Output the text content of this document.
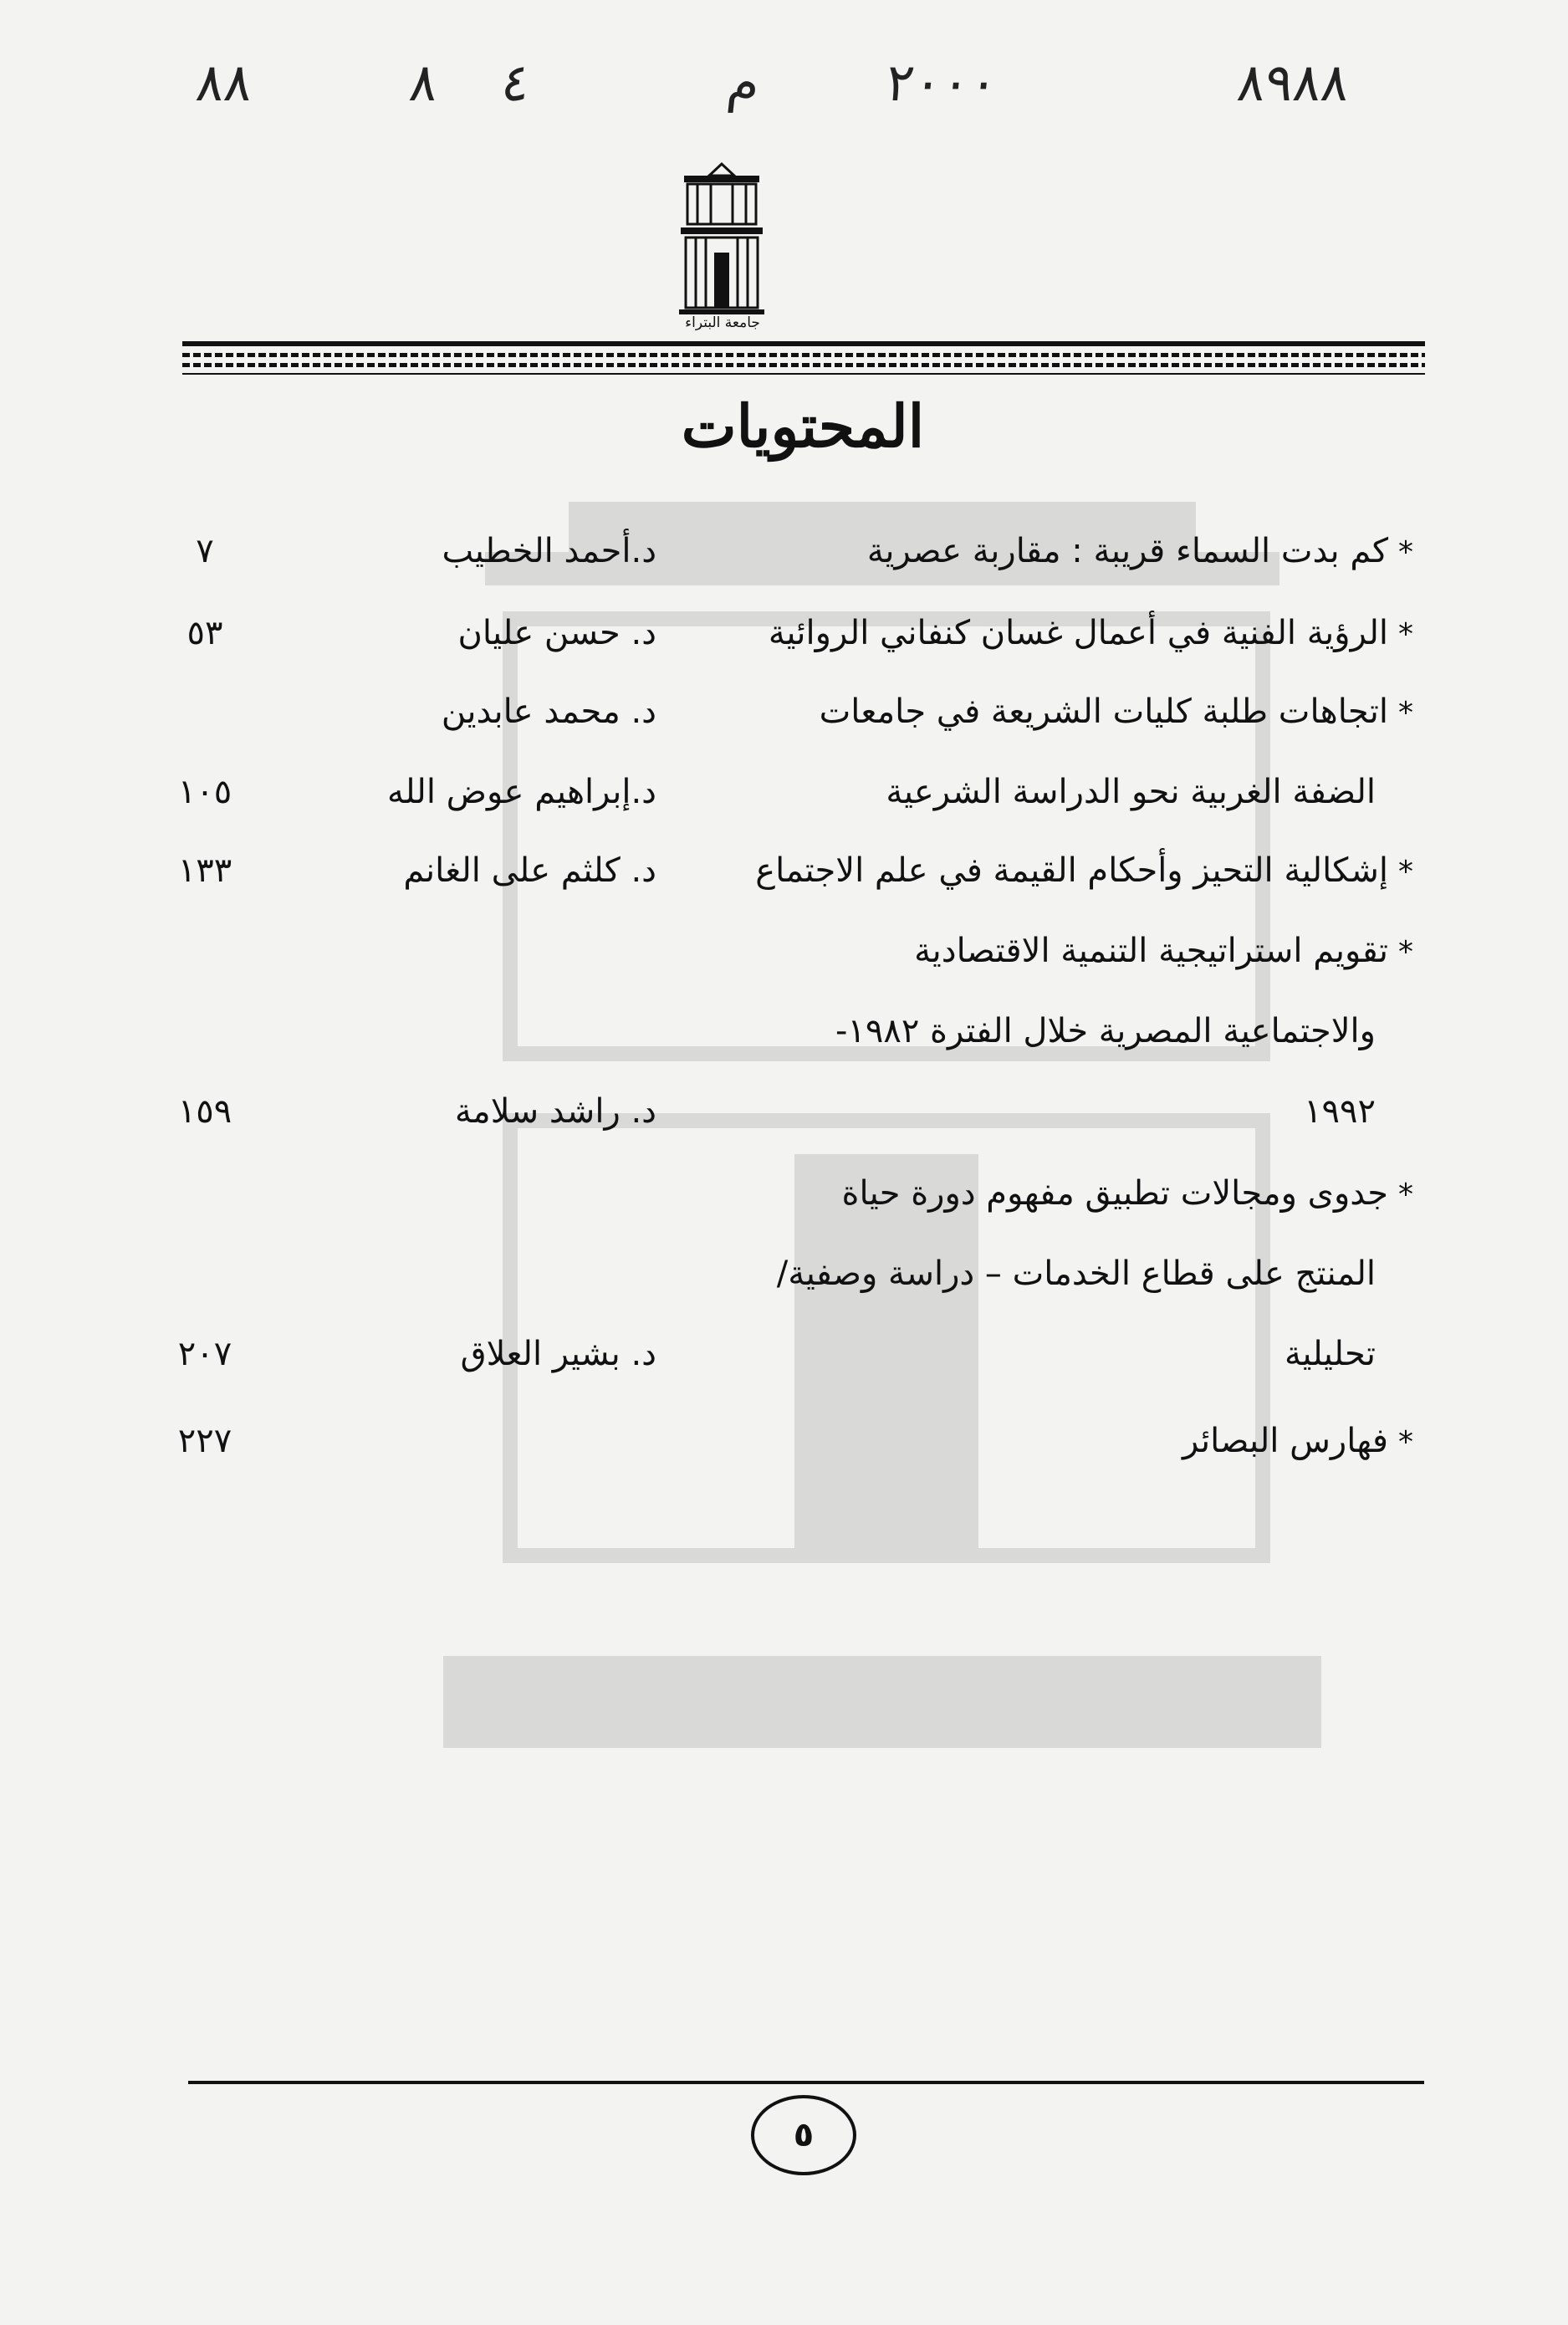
٨٩٨٨
٢٠٠٠
م
٤
٨
٨٨
جامعة البتراء
المحتويات
*كم بدت السماء قريبة : مقاربة عصرية
د.أحمد الخطيب
٧
*الرؤية الفنية في أعمال غسان كنفاني الروائية
د. حسن عليان
٥٣
*اتجاهات طلبة كليات الشريعة في جامعات
د. محمد عابدين
الضفة الغربية نحو الدراسة الشرعية
د.إبراهيم عوض الله
١٠٥
*إشكالية التحيز وأحكام القيمة في علم الاجتماع
د. كلثم على الغانم
١٣٣
*تقويم استراتيجية التنمية الاقتصادية
والاجتماعية المصرية خلال الفترة ١٩٨٢-
١٩٩٢
د. راشد سلامة
١٥٩
*جدوى ومجالات تطبيق مفهوم دورة حياة
المنتج على قطاع الخدمات – دراسة وصفية/
تحليلية
د. بشير العلاق
٢٠٧
*فهارس البصائر
٢٢٧
٥
